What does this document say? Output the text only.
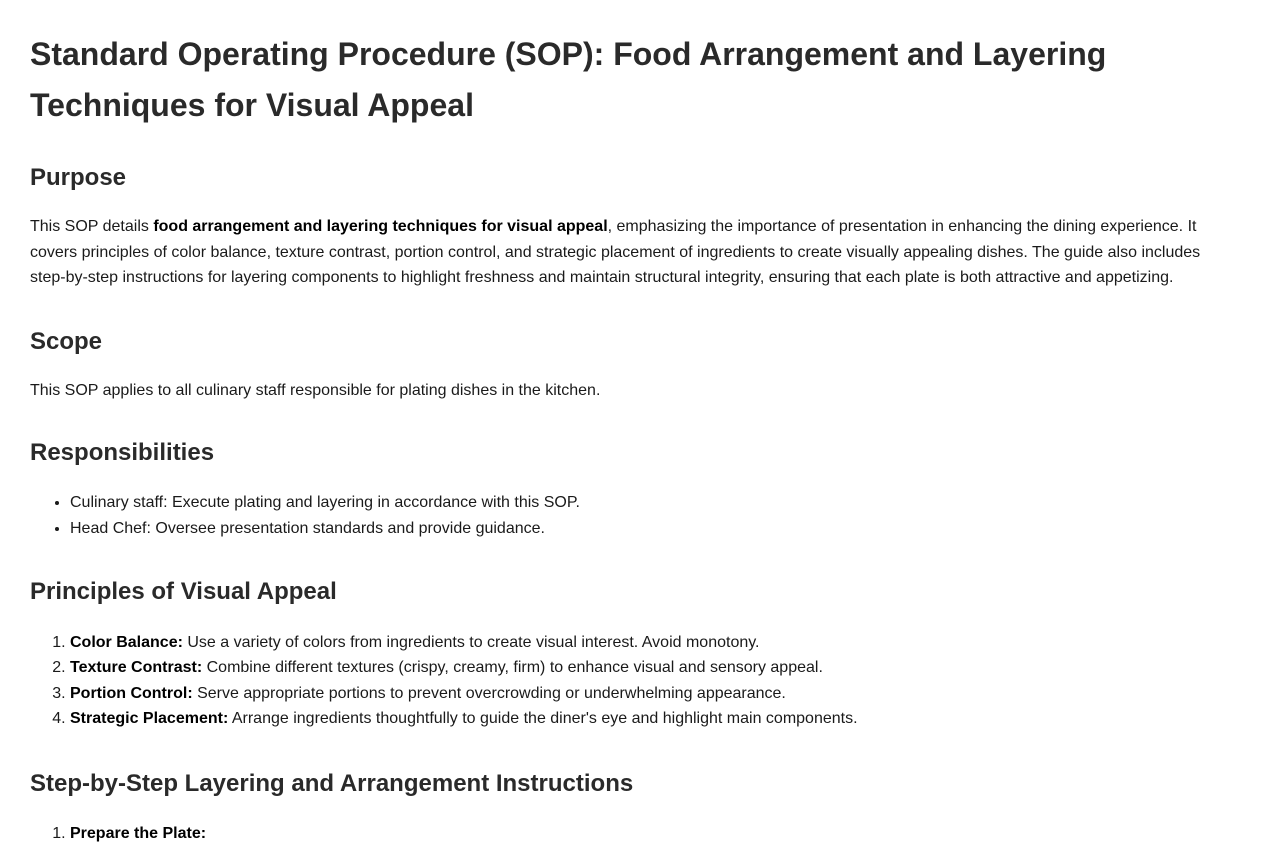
Standard Operating Procedure (SOP): Food Arrangement and Layering Techniques for Visual Appeal
Purpose

This SOP details food arrangement and layering techniques for visual appeal, emphasizing the importance of presentation in enhancing the dining experience. It covers principles of color balance, texture contrast, portion control, and strategic placement of ingredients to create visually appealing dishes. The guide also includes step-by-step instructions for layering components to highlight freshness and maintain structural integrity, ensuring that each plate is both attractive and appetizing.

Scope

This SOP applies to all culinary staff responsible for plating dishes in the kitchen.

Responsibilities
• Culinary staff: Execute plating and layering in accordance with this SOP.
• Head Chef: Oversee presentation standards and provide guidance.
Principles of Visual Appeal
1. Color Balance: Use a variety of colors from ingredients to create visual interest. Avoid monotony.
2. Texture Contrast: Combine different textures (crispy, creamy, firm) to enhance visual and sensory appeal.
3. Portion Control: Serve appropriate portions to prevent overcrowding or underwhelming appearance.
4. Strategic Placement: Arrange ingredients thoughtfully to guide the diner's eye and highlight main components.
Step-by-Step Layering and Arrangement Instructions
1. Prepare the Plate:
